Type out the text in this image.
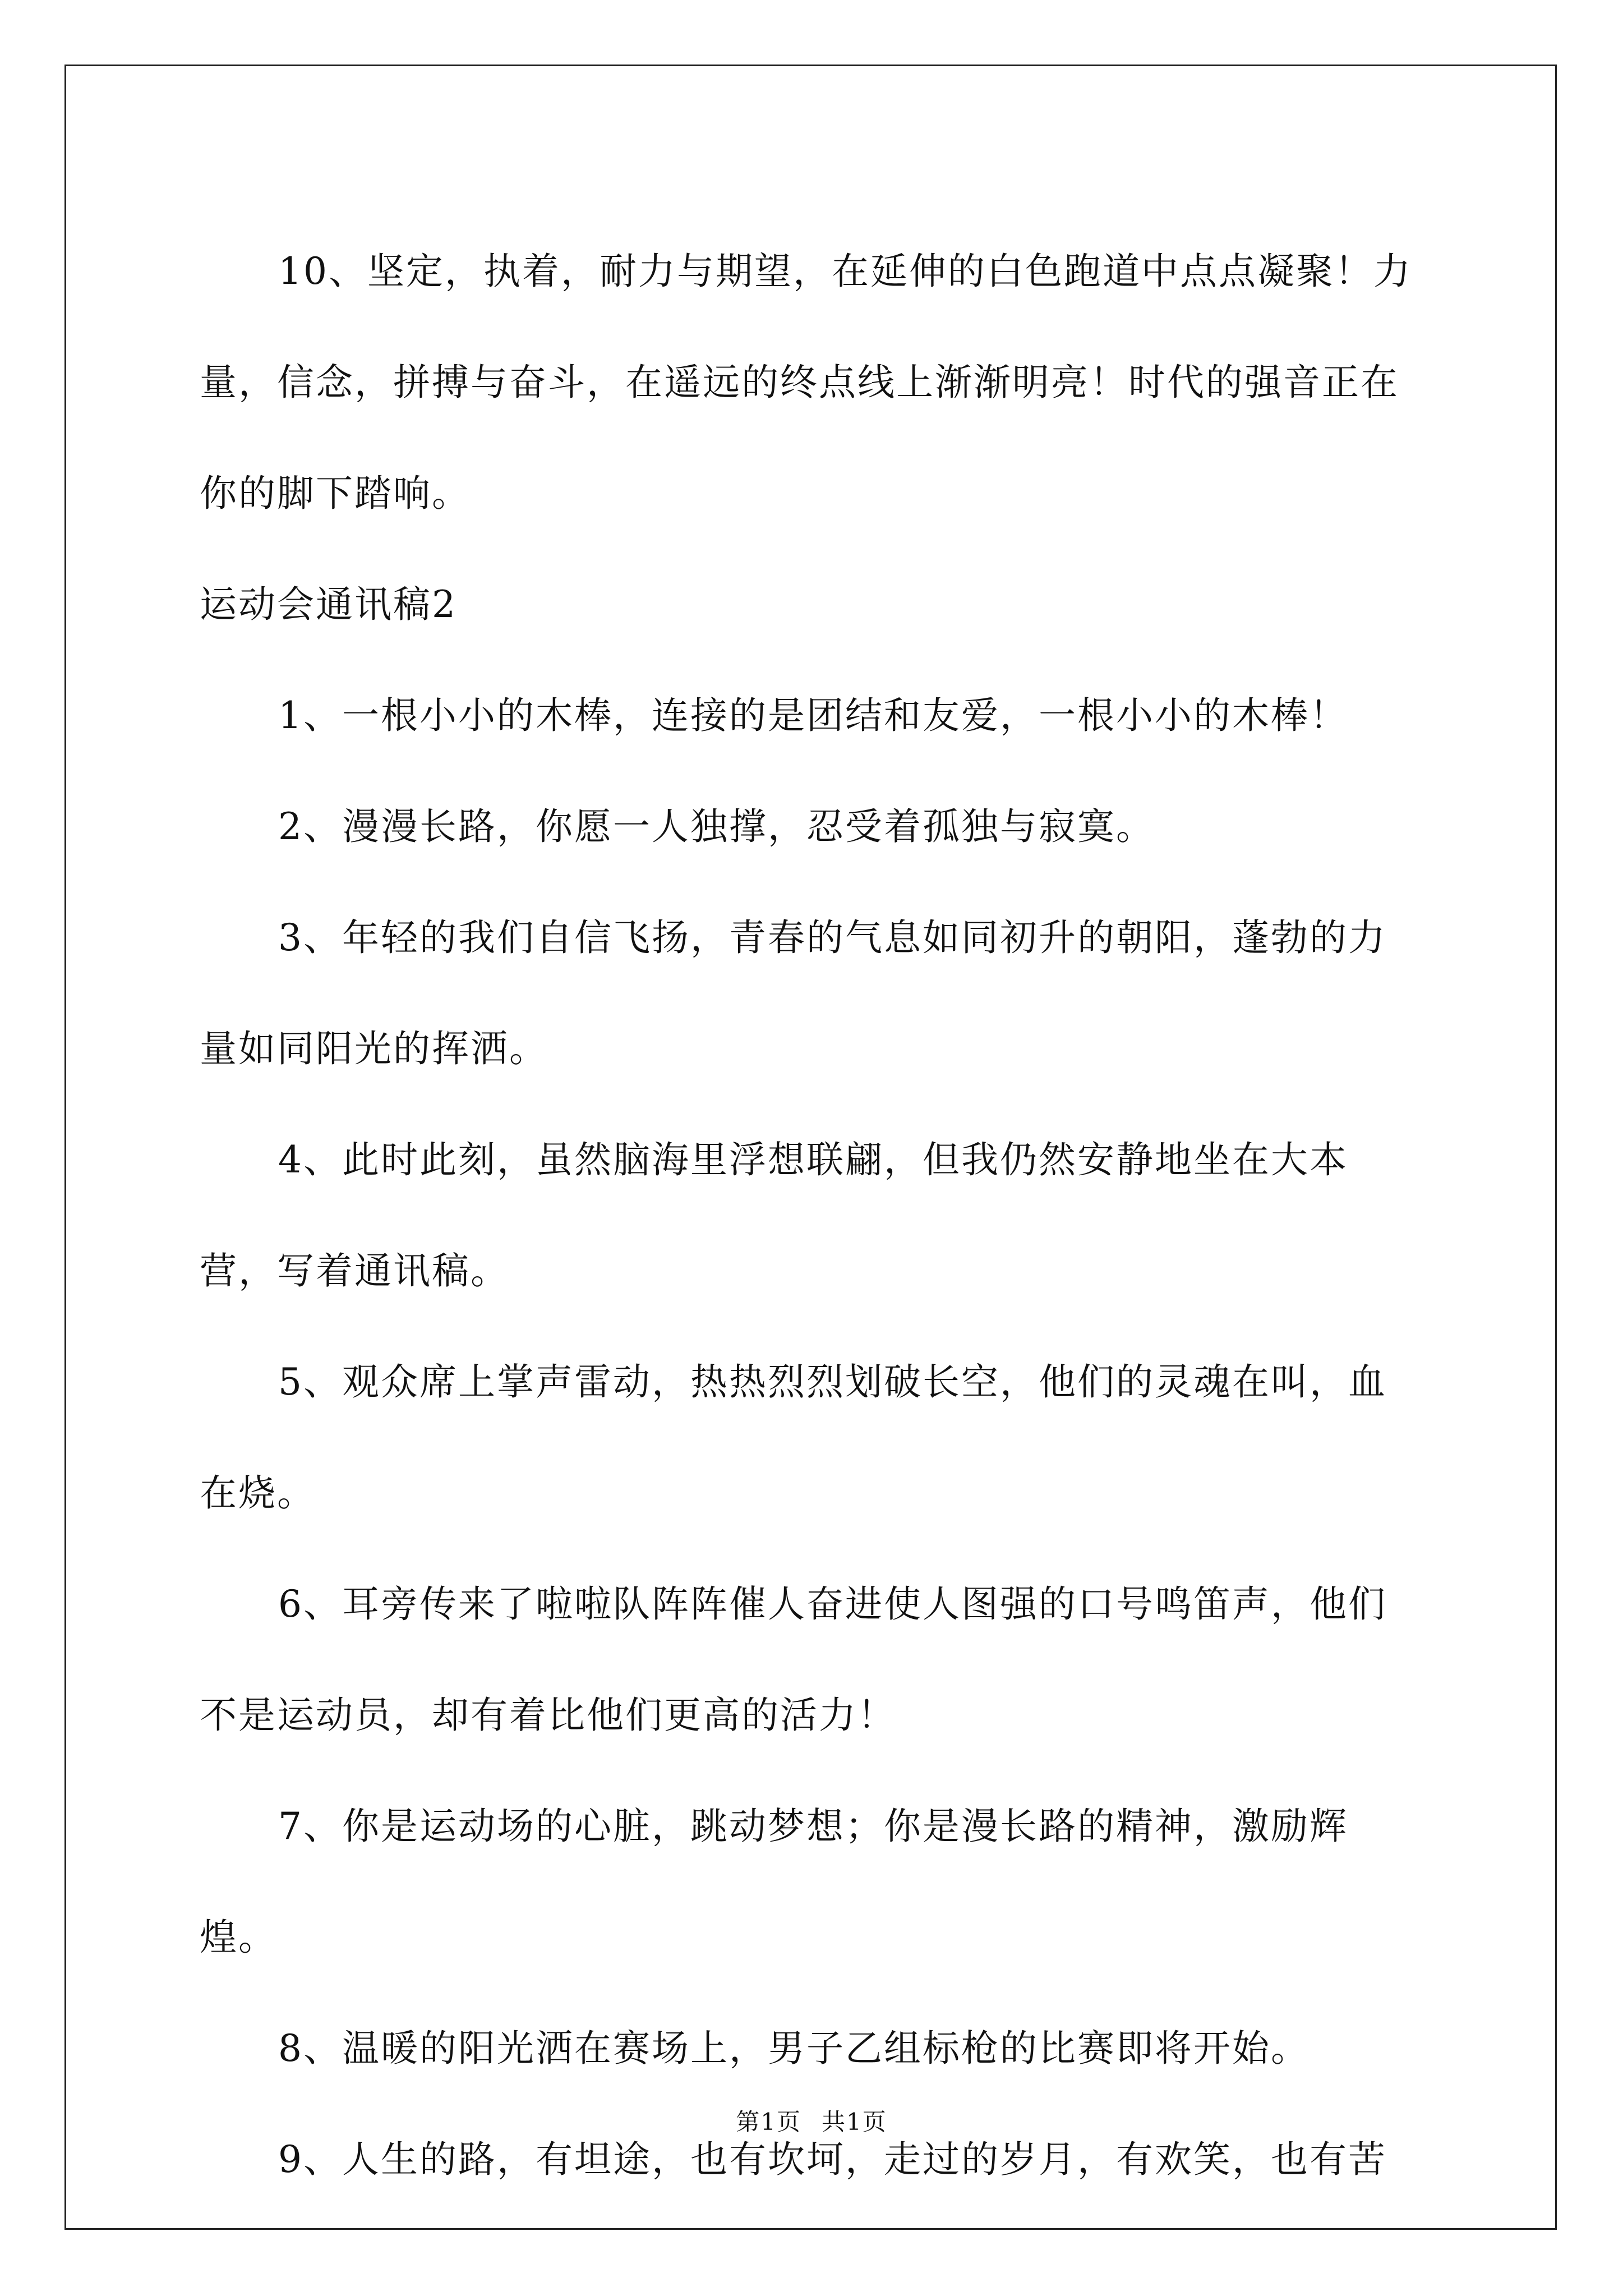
10、坚定，执着，耐力与期望，在延伸的白色跑道中点点凝聚！力量，信念，拼搏与奋斗，在遥远的终点线上渐渐明亮！时代的强音正在你的脚下踏响。

运动会通讯稿2

1、一根小小的木棒，连接的是团结和友爱，一根小小的木棒！

2、漫漫长路，你愿一人独撑，忍受着孤独与寂寞。

3、年轻的我们自信飞扬，青春的气息如同初升的朝阳，蓬勃的力量如同阳光的挥洒。

4、此时此刻，虽然脑海里浮想联翩，但我仍然安静地坐在大本营，写着通讯稿。

5、观众席上掌声雷动，热热烈烈划破长空，他们的灵魂在叫，血在烧。

6、耳旁传来了啦啦队阵阵催人奋进使人图强的口号鸣笛声，他们不是运动员，却有着比他们更高的活力！

7、你是运动场的心脏，跳动梦想；你是漫长路的精神，激励辉煌。

8、温暖的阳光洒在赛场上，男子乙组标枪的比赛即将开始。

9、人生的路，有坦途，也有坎坷，走过的岁月，有欢笑，也有苦

第1页 共1页
